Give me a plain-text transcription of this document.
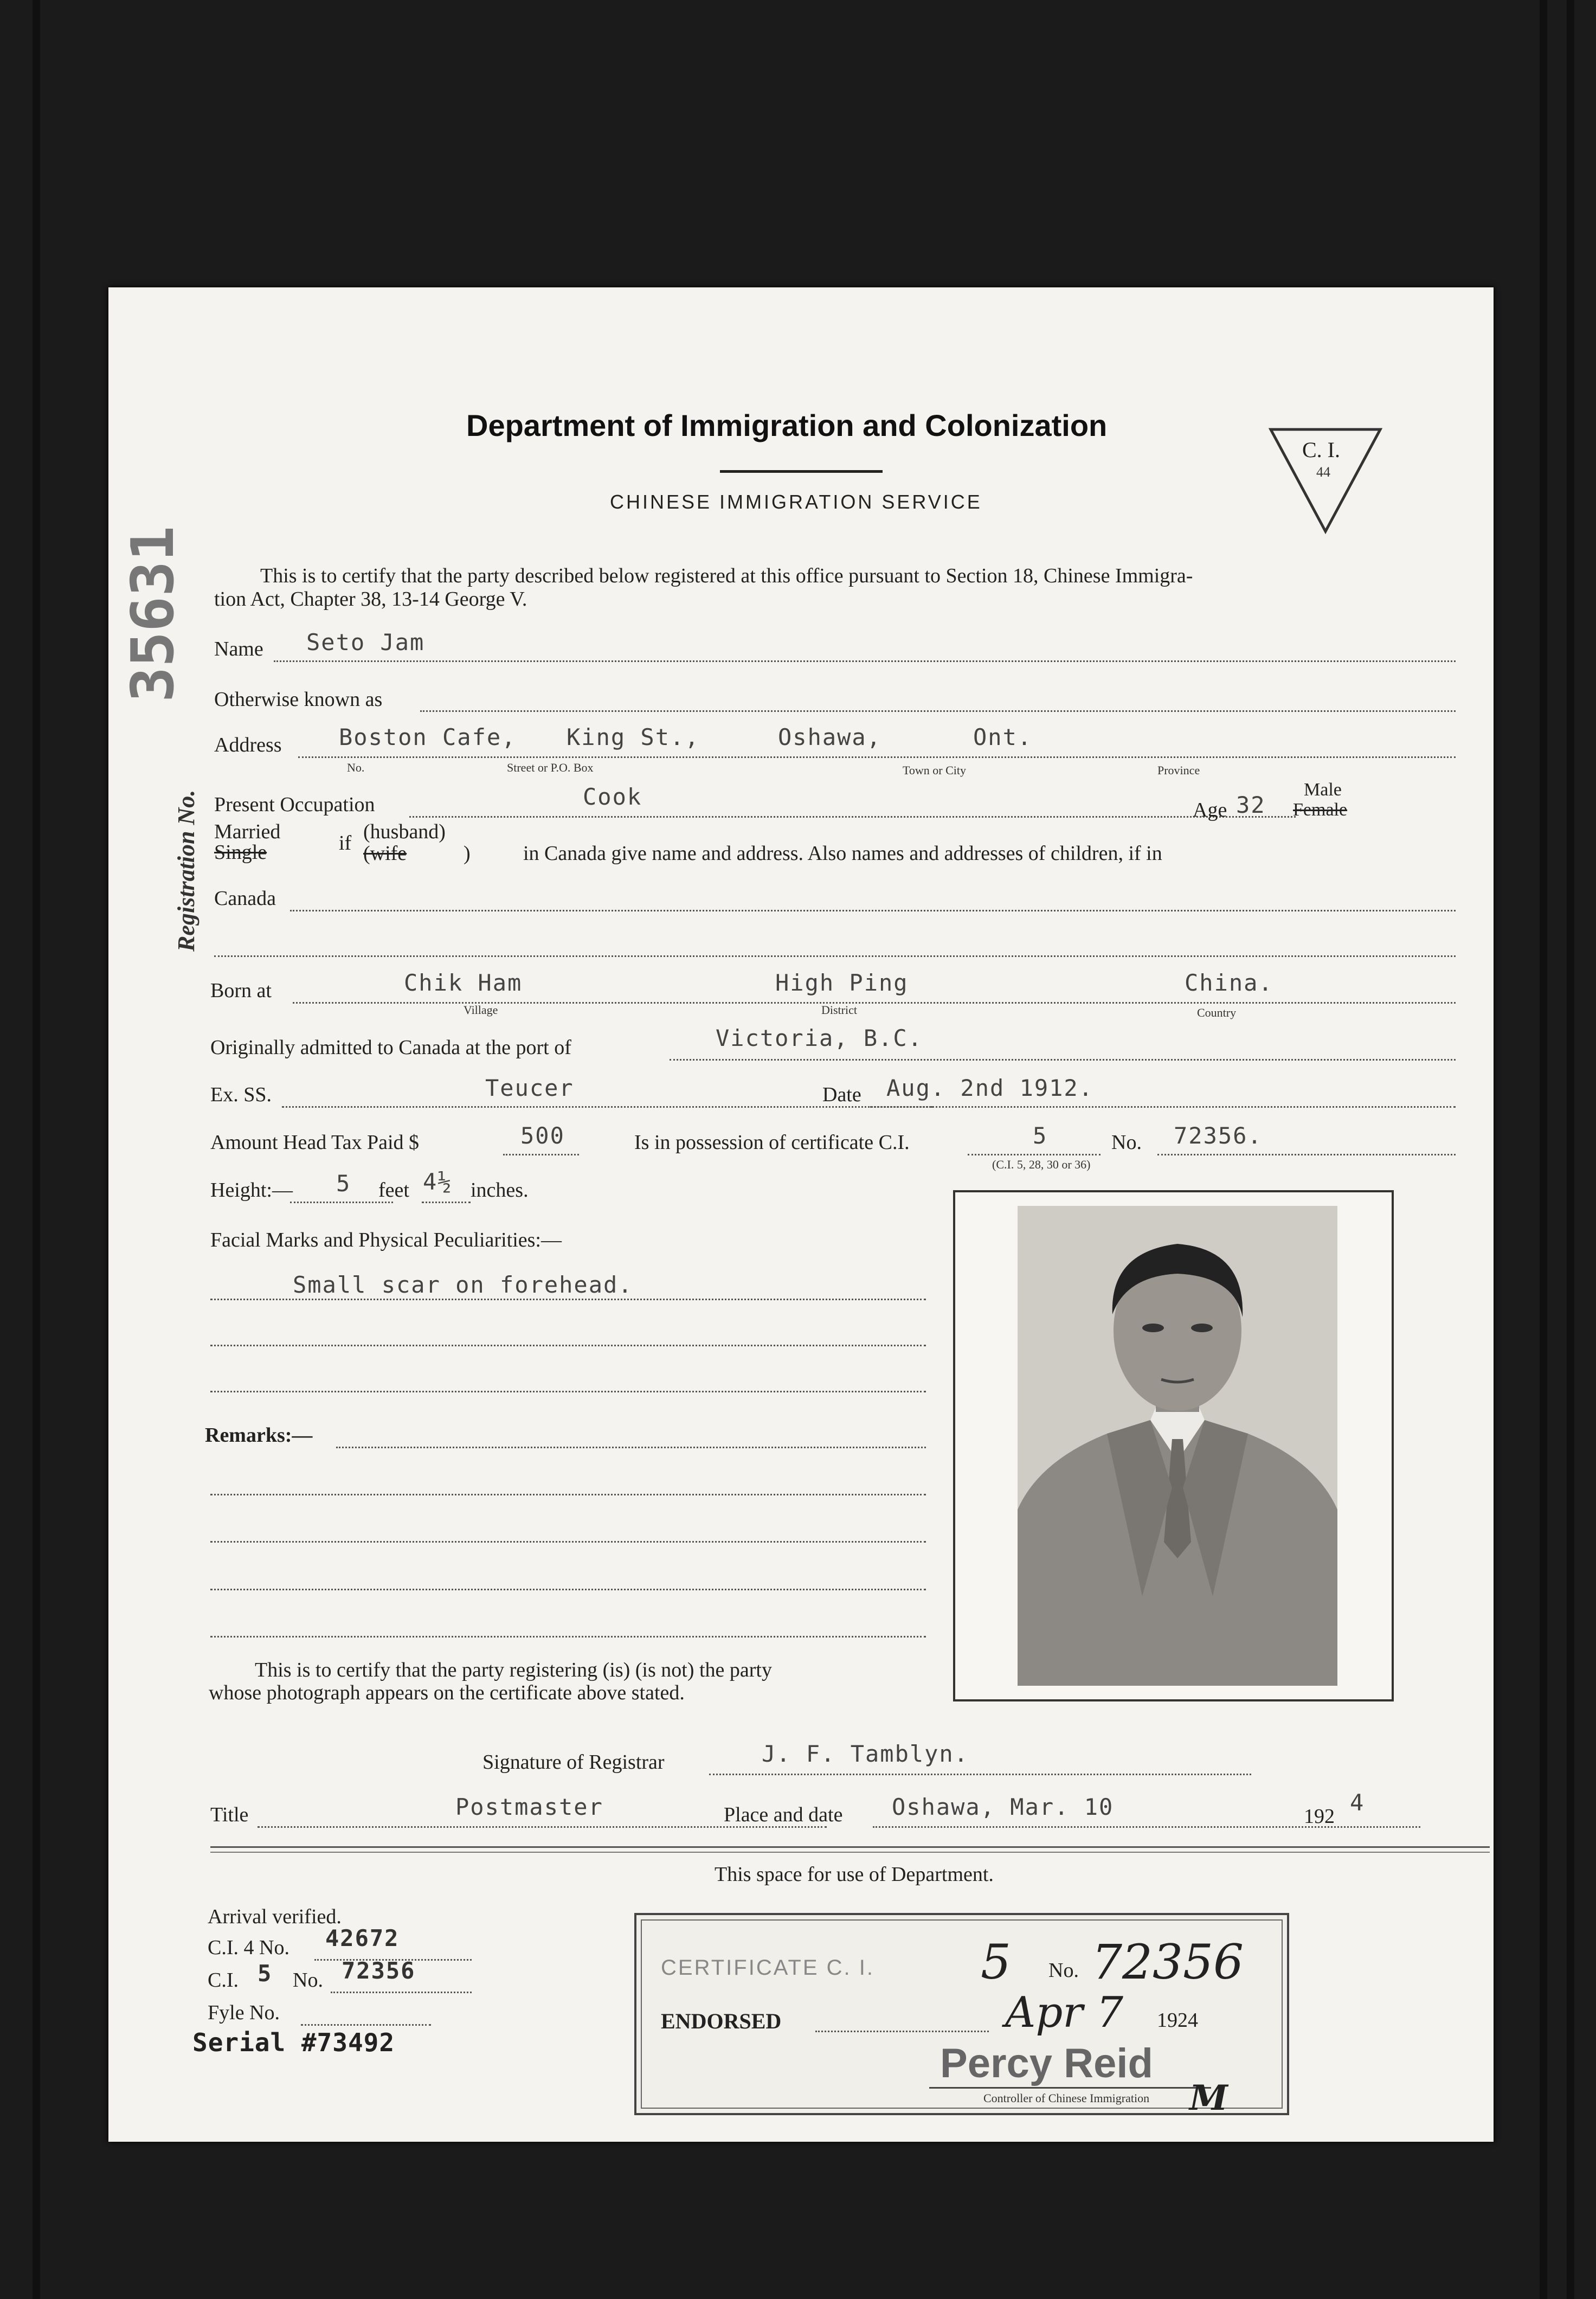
Department of Immigration and Colonization
CHINESE IMMIGRATION SERVICE
C. I.
44
35631
Registration No.
This is to certify that the party described below registered at this office pursuant to Section 18, Chinese Immigra-
tion Act, Chapter 38, 13-14 George V.
Name Seto Jam
Otherwise known as
Address	Boston Cafe, King St.,	Oshawa,	Ont.
No.	Street or P.O. Box	Town or City	Province
Present Occupation	Cook	Age 32
Male
Female
Married
Single	if (husband)
(wife	)	in Canada give name and address. Also names and addresses of children, if in
Canada
Born at	Chik Ham	High Ping	China.
Village	District	Country
Originally admitted to Canada at the port of	Victoria, B.C.
Ex. SS.	Teucer	Date Aug. 2nd 1912.
Amount Head Tax Paid $	500	Is in possession of certificate C.I.	5	No. 72356.
(C.I. 5, 28, 30 or 36)
Height:— 5 feet 4½ inches.
Facial Marks and Physical Peculiarities:—
Small scar on forehead.
Remarks:—
This is to certify that the party registering (is) (is not) the party
whose photograph appears on the certificate above stated.
Signature of Registrar	J. F. Tamblyn.
Title	Postmaster	Place and date Oshawa, Mar. 10	192
4
This space for use of Department.
Arrival verified.
C.I. 4 No. 42672
C.I. 5 No. 72356
Fyle No.
Serial #73492
CERTIFICATE C. I. 5 No. 72356
ENDORSED	Apr 7 1924
Percy Reid
Controller of Chinese Immigration M
